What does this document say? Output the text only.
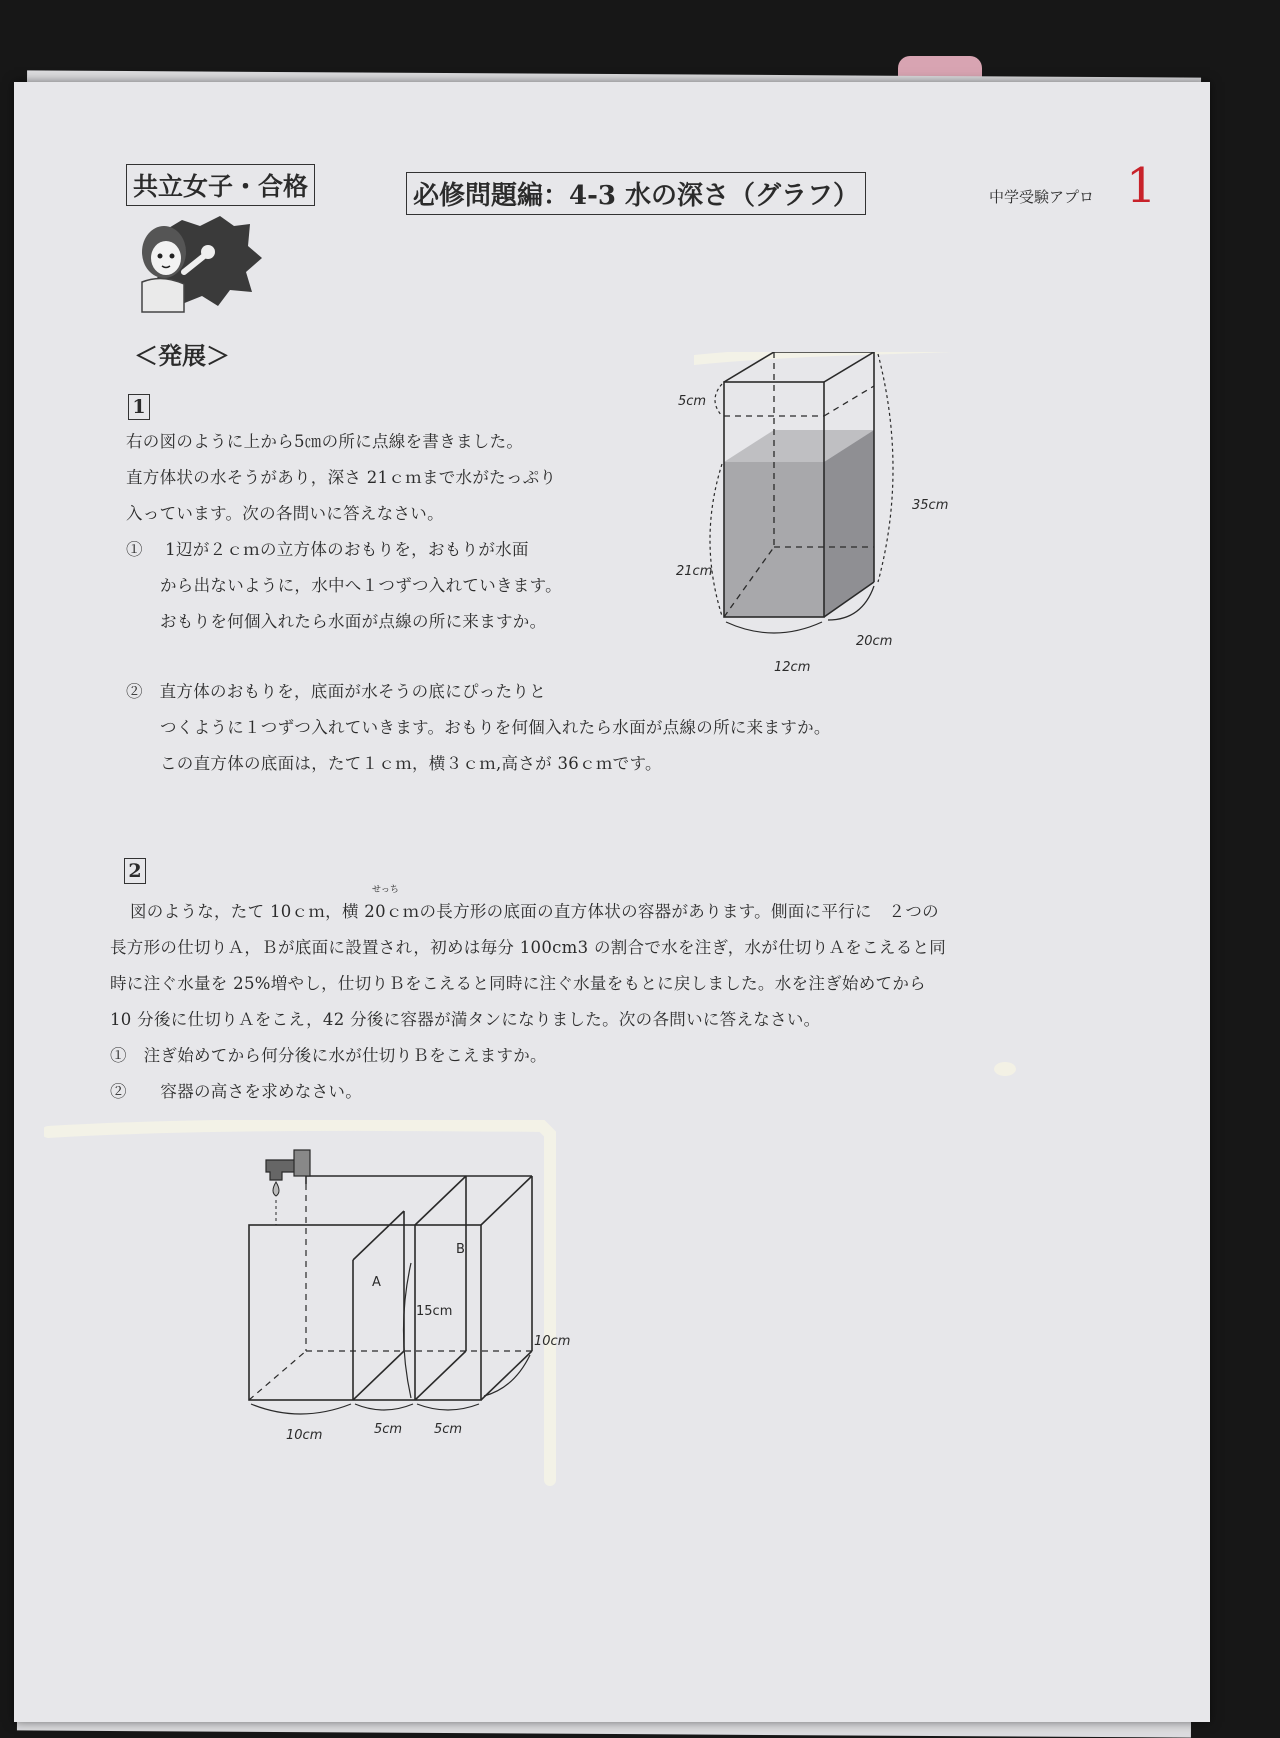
共立女子・合格	必修問題編：4-3 水の深さ（グラフ）	中学受験アプロ 1
＜発展＞
1
右の図のように上から5㎝の所に点線を書きました。
直方体状の水そうがあり，深さ 21ｃｍまで水がたっぷり
入っています。次の各問いに答えなさい。
①　 1辺が２ｃｍの立方体のおもりを，おもりが水面
から出ないように，水中へ１つずつ入れていきます。
おもりを何個入れたら水面が点線の所に来ますか。
②　直方体のおもりを，底面が水そうの底にぴったりと
つくように１つずつ入れていきます。おもりを何個入れたら水面が点線の所に来ますか。
この直方体の底面は，たて１ｃｍ，横３ｃｍ,高さが 36ｃｍです。
5cm
35cm
21cm
12cm
20cm
2
せっち
図のような，たて 10ｃｍ，横 20ｃｍの長方形の底面の直方体状の容器があります。側面に平行に　２つの
長方形の仕切りＡ，Ｂが底面に設置され，初めは毎分 100cm3 の割合で水を注ぎ，水が仕切りＡをこえると同
時に注ぐ水量を 25%増やし，仕切りＢをこえると同時に注ぐ水量をもとに戻しました。水を注ぎ始めてから
10 分後に仕切りＡをこえ，42 分後に容器が満タンになりました。次の各問いに答えなさい。
①　注ぎ始めてから何分後に水が仕切りＢをこえますか。
②　　容器の高さを求めなさい。
B
A
15cm
10cm
10cm	5cm 5cm
